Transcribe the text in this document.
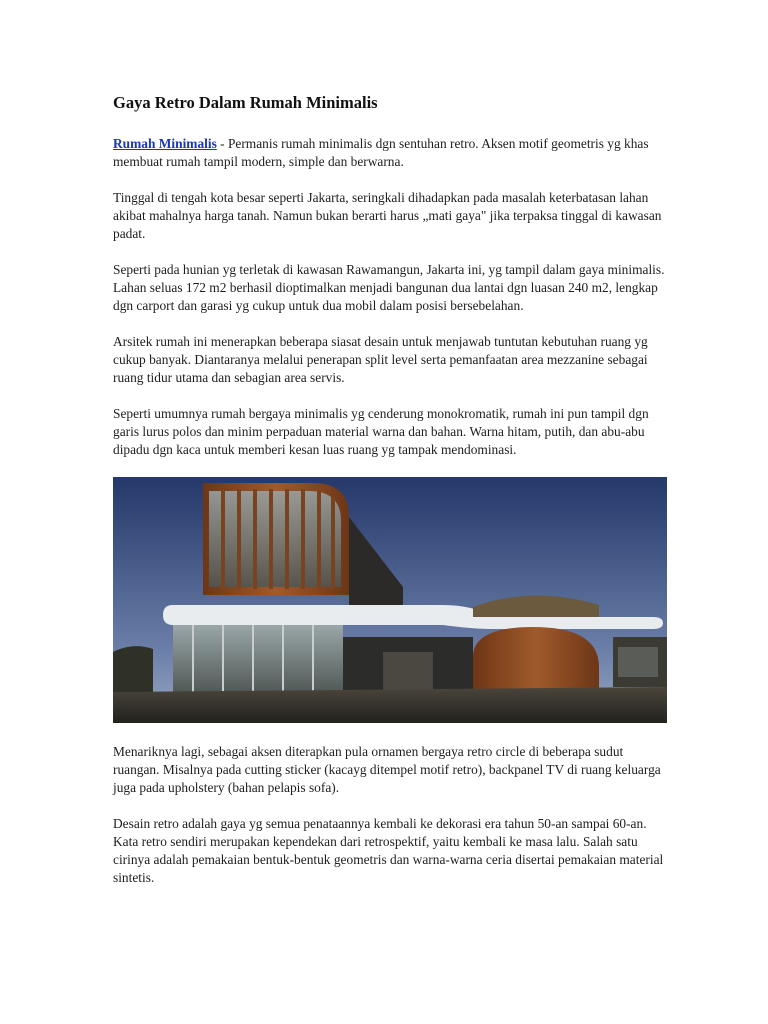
Gaya Retro Dalam Rumah Minimalis

Rumah Minimalis - Permanis rumah minimalis dgn sentuhan retro. Aksen motif geometris yg khas membuat rumah tampil modern, simple dan berwarna.

Tinggal di tengah kota besar seperti Jakarta, seringkali dihadapkan pada masalah keterbatasan lahan akibat mahalnya harga tanah. Namun bukan berarti harus „mati gaya" jika terpaksa tinggal di kawasan padat.

Seperti pada hunian yg terletak di kawasan Rawamangun, Jakarta ini, yg tampil dalam gaya minimalis. Lahan seluas 172 m2 berhasil dioptimalkan menjadi bangunan dua lantai dgn luasan 240 m2, lengkap dgn carport dan garasi yg cukup untuk dua mobil dalam posisi bersebelahan.

Arsitek rumah ini menerapkan beberapa siasat desain untuk menjawab tuntutan kebutuhan ruang yg cukup banyak. Diantaranya melalui penerapan split level serta pemanfaatan area mezzanine sebagai ruang tidur utama dan sebagian area servis.

Seperti umumnya rumah bergaya minimalis yg cenderung monokromatik, rumah ini pun tampil dgn garis lurus polos dan minim perpaduan material warna dan bahan. Warna hitam, putih, dan abu-abu dipadu dgn kaca untuk memberi kesan luas ruang yg tampak mendominasi.

Menariknya lagi, sebagai aksen diterapkan pula ornamen bergaya retro circle di beberapa sudut ruangan. Misalnya pada cutting sticker (kacayg ditempel motif retro), backpanel TV di ruang keluarga juga pada upholstery (bahan pelapis sofa).

Desain retro adalah gaya yg semua penataannya kembali ke dekorasi era tahun 50-an sampai 60-an. Kata retro sendiri merupakan kependekan dari retrospektif, yaitu kembali ke masa lalu. Salah satu cirinya adalah pemakaian bentuk-bentuk geometris dan warna-warna ceria disertai pemakaian material sintetis.
